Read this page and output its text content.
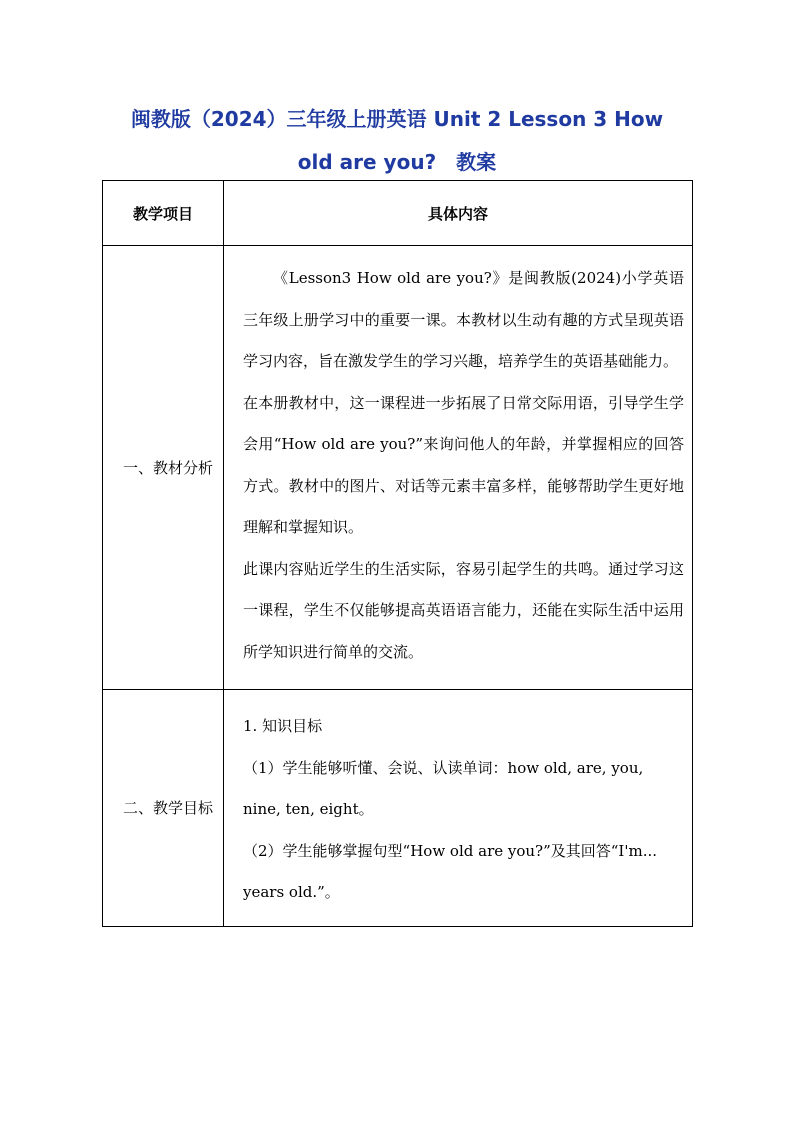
闽教版（2024）三年级上册英语 Unit 2 Lesson 3 How
old are you?　教案
教学项目	具体内容
一、教材分析	《Lesson3 How old are you?》是闽教版(2024)小学英语三年级上册学习中的重要一课。本教材以生动有趣的方式呈现英语学习内容，旨在激发学生的学习兴趣，培养学生的英语基础能力。

在本册教材中，这一课程进一步拓展了日常交际用语，引导学生学会用“How old are you?”来询问他人的年龄，并掌握相应的回答方式。教材中的图片、对话等元素丰富多样，能够帮助学生更好地理解和掌握知识。

此课内容贴近学生的生活实际，容易引起学生的共鸣。通过学习这一课程，学生不仅能够提高英语语言能力，还能在实际生活中运用所学知识进行简单的交流。

二、教学目标	1. 知识目标

（1）学生能够听懂、会说、认读单词：how old, are, you, nine, ten, eight。

（2）学生能够掌握句型“How old are you?”及其回答“I'm... years old.”。
